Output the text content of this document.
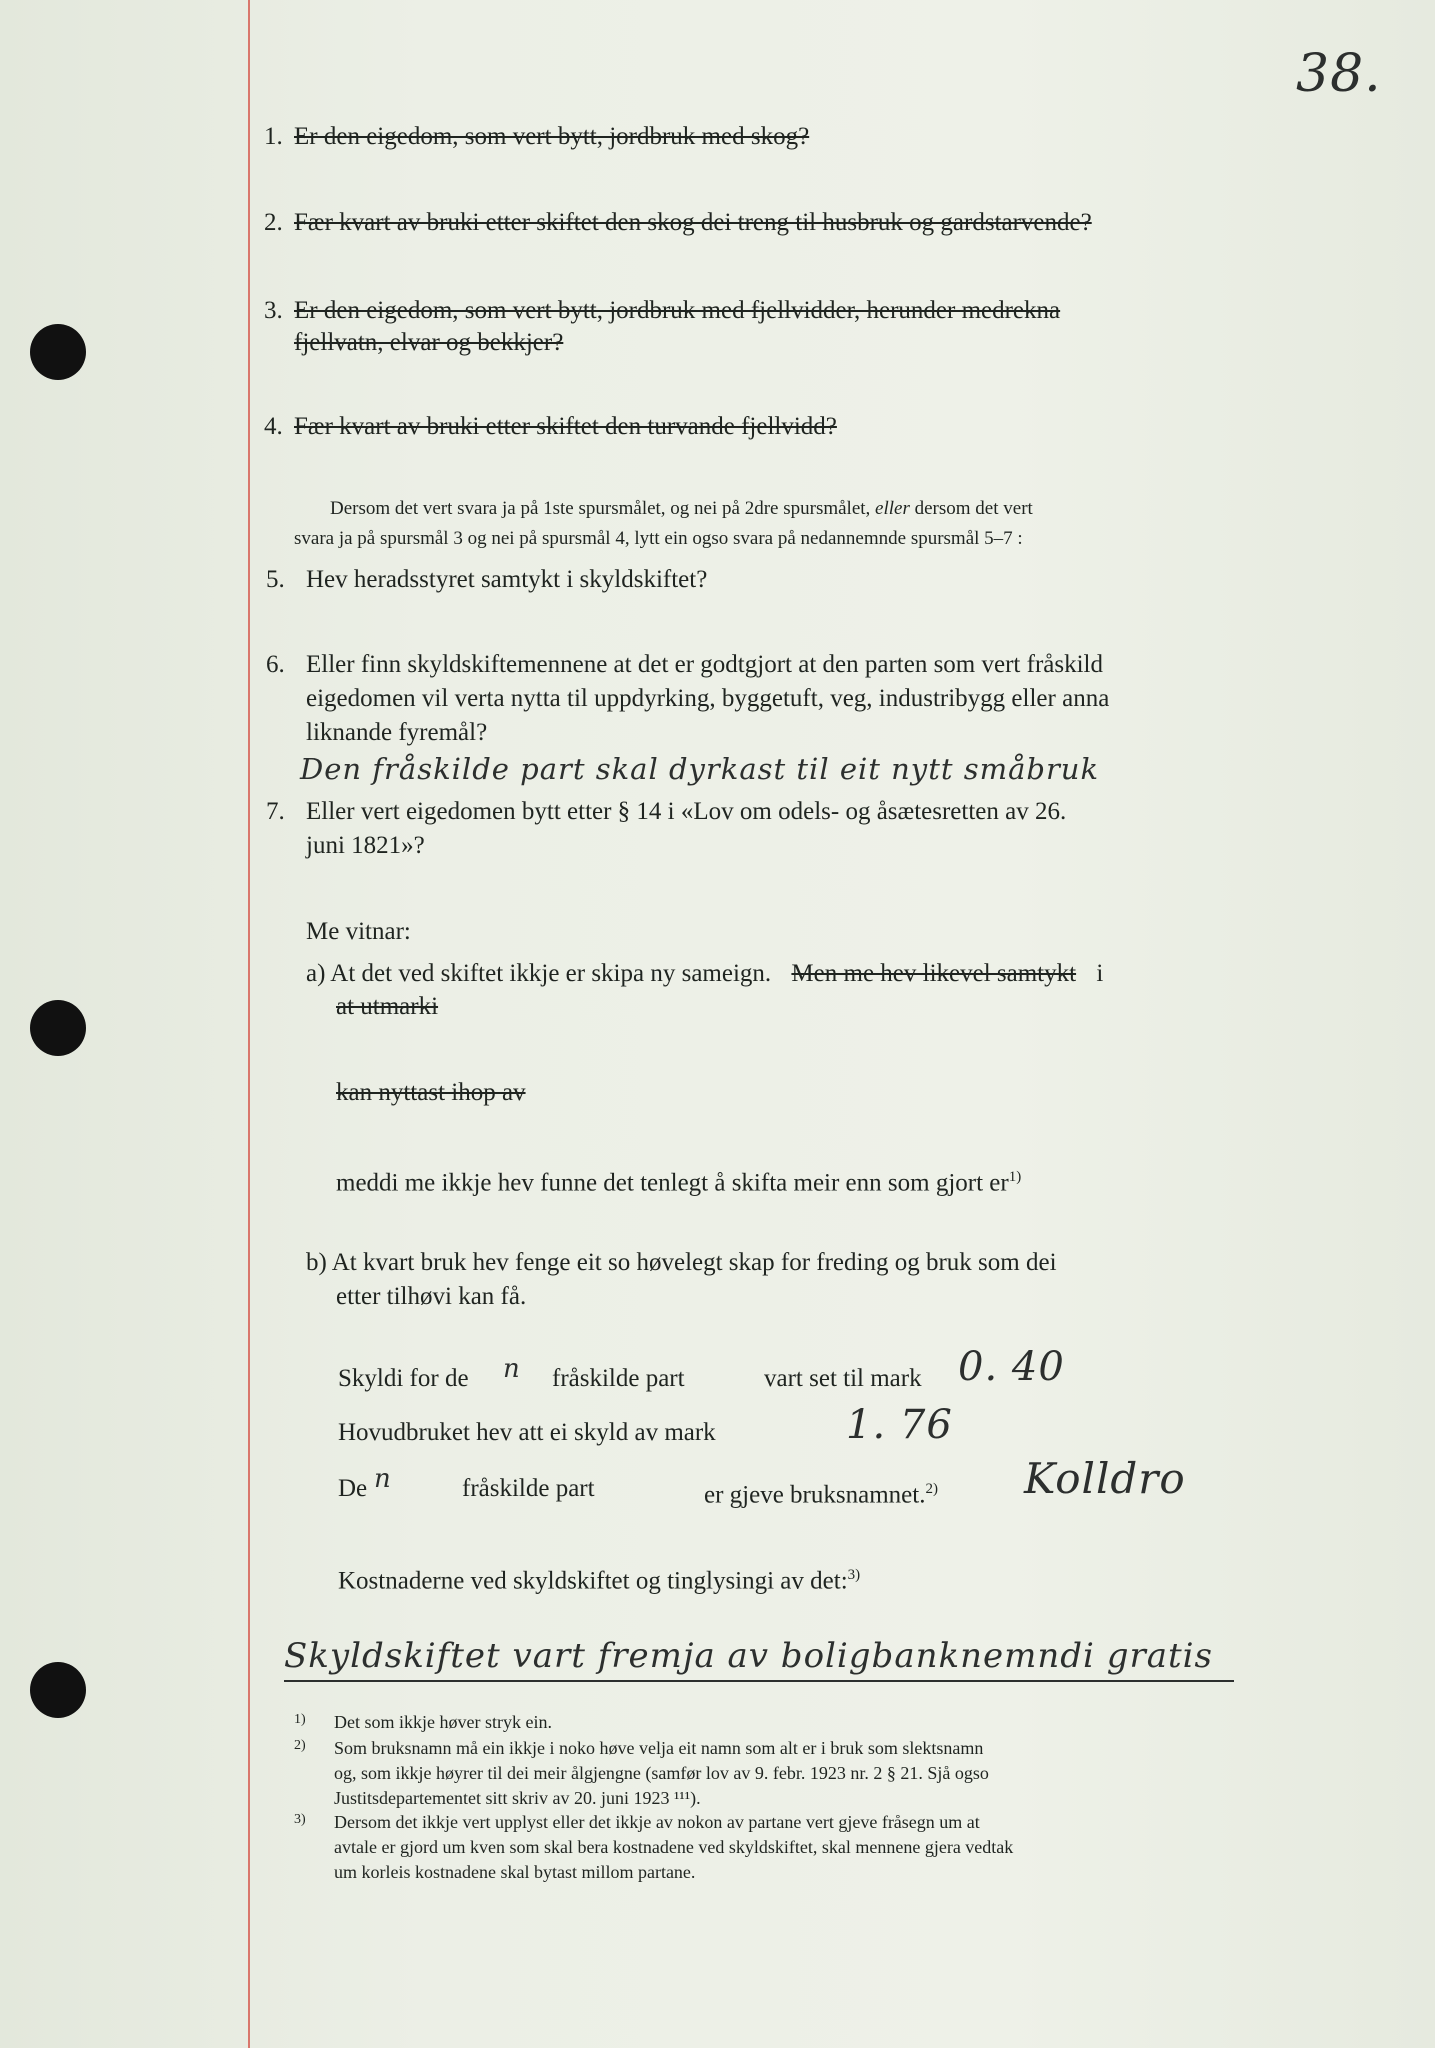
38.
1. Er den eigedom, som vert bytt, jordbruk med skog?
2. Fær kvart av bruki etter skiftet den skog dei treng til husbruk og gardstarvende?
3. Er den eigedom, som vert bytt, jordbruk med fjellvidder, herunder medrekna
fjellvatn, elvar og bekkjer?
4. Fær kvart av bruki etter skiftet den turvande fjellvidd?
Dersom det vert svara ja på 1ste spursmålet, og nei på 2dre spursmålet, eller dersom det vert
svara ja på spursmål 3 og nei på spursmål 4, lytt ein ogso svara på nedannemnde spursmål 5–7 :
5. Hev heradsstyret samtykt i skyldskiftet?
6. Eller finn skyldskiftemennene at det er godtgjort at den parten som vert fråskild
eigedomen vil verta nytta til uppdyrking, byggetuft, veg, industribygg eller anna
liknande fyremål?
Den fråskilde part skal dyrkast til eit nytt småbruk
7. Eller vert eigedomen bytt etter § 14 i «Lov om odels- og åsætesretten av 26.
juni 1821»?
Me vitnar:
a) At det ved skiftet ikkje er skipa ny sameign. Men me hev likevel samtykt i
at utmarki
kan nyttast ihop av
meddi me ikkje hev funne det tenlegt å skifta meir enn som gjort $er^{1)}$
b) At kvart bruk hev fenge eit so høvelegt skap for freding og bruk som dei
etter tilhøvi kan få.
Skyldi for de n fråskilde part	vart set til mark 0. 40
Hovudbruket hev att ei skyld av mark	1. 76
De n	fråskilde part	er gjeve bruksnamnet.$^{2)}$ Kolldro
Kostnaderne ved skyldskiftet og tinglysingi av det:$^{3)}$
Skyldskiftet vart fremja av boligbanknemndi gratis
1) Det som ikkje høver stryk ein.
2) Som bruksnamn må ein ikkje i noko høve velja eit namn som alt er i bruk som slektsnamn
og, som ikkje høyrer til dei meir ålgjengne (samfør lov av 9. febr. 1923 nr. 2 § 21. Sjå ogso
Justitsdepartementet sitt skriv av 20. juni 1923 ¹¹¹).
3) Dersom det ikkje vert upplyst eller det ikkje av nokon av partane vert gjeve fråsegn um at
avtale er gjord um kven som skal bera kostnadene ved skyldskiftet, skal mennene gjera vedtak
um korleis kostnadene skal bytast millom partane.
